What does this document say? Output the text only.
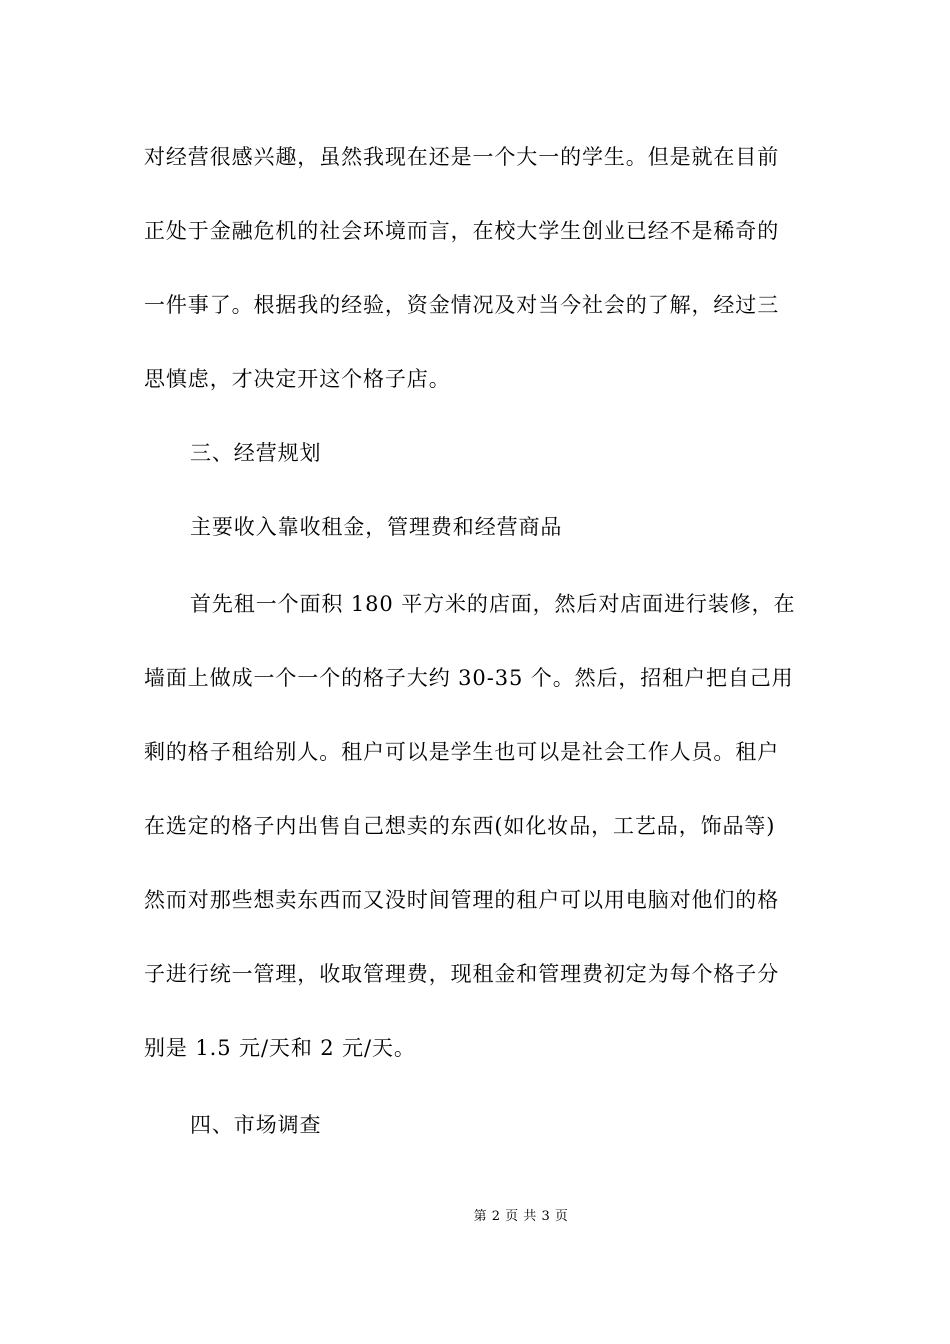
对经营很感兴趣，虽然我现在还是一个大一的学生。但是就在目前
正处于金融危机的社会环境而言，在校大学生创业已经不是稀奇的
一件事了。根据我的经验，资金情况及对当今社会的了解，经过三
思慎虑，才决定开这个格子店。
三、经营规划
主要收入靠收租金，管理费和经营商品
首先租一个面积 180 平方米的店面，然后对店面进行装修，在
墙面上做成一个一个的格子大约 30-35 个。然后，招租户把自己用
剩的格子租给别人。租户可以是学生也可以是社会工作人员。租户
在选定的格子内出售自己想卖的东西(如化妆品，工艺品，饰品等)
然而对那些想卖东西而又没时间管理的租户可以用电脑对他们的格
子进行统一管理，收取管理费，现租金和管理费初定为每个格子分
别是 1.5 元/天和 2 元/天。
四、市场调查
第 2 页 共 3 页
